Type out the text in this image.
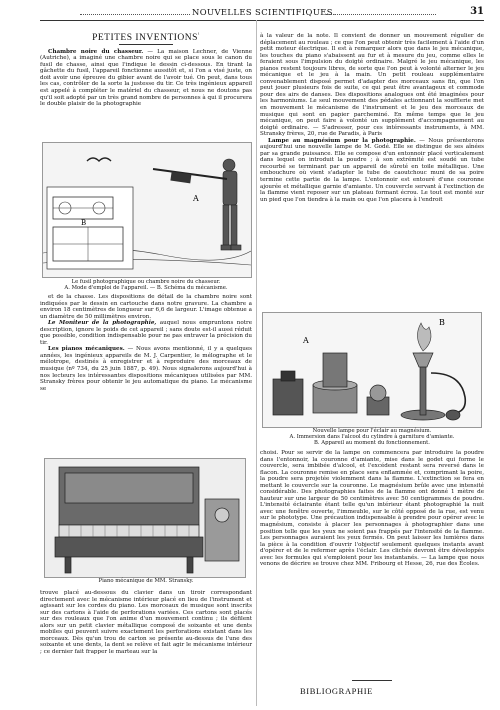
NOUVELLES SCIENTIFIQUES.	31
PETITES $INVENTIONS^{^1}$

Chambre noire du chasseur. — La maison Lechner, de Vienne (Autriche), a imaginé une chambre noire qui se place sous le canon du fusil de chasse, ainsi que l'indique le dessin ci-dessous. En tirant la gâchette du fusil, l'appareil fonctionne aussitôt et, si l'on a visé juste, on doit avoir une épreuve du gibier avant de l'avoir tué. On peut, dans tous les cas, contrôler de la sorte la justesse du tir. Ce très ingénieux appareil est appelé à compléter le matériel du chasseur, et nous ne doutons pas qu'il soit adopté par un très grand nombre de personnes à qui il procurera le double plaisir de la photographie

A
B
Le fusil photographique ou chambre noire du chasseur.
A. Mode d'emploi de l'appareil. — B. Schéma du mécanisme.

et de la chasse. Les dispositions de détail de la chambre noire sont indiquées par le dessin en cartouche dans notre gravure. La chambre a environ 18 centimètres de longueur sur 6,6 de largeur. L'image obtenue a un diamètre de 50 millimètres environ.

Le Moniteur de la photographie, auquel nous empruntons notre description, ignore le poids de cet appareil ; sans doute est-il aussi réduit que possible, condition indispensable pour ne pas entraver la précision du tir.

Les pianos mécaniques. — Nous avons mentionné, il y a quelques années, les ingénieux appareils de M. J. Carpentier, le mélographe et le mélotrope, destinés à enregistrer et à reproduire des morceaux de musique (nº 734, du 25 juin 1887, p. 49). Nous signalerons aujourd'hui à nos lecteurs les intéressantes dispositions mécaniques utilisées par MM. Stransky frères pour obtenir le jeu automatique du piano. Le mécanisme se

Piano mécanique de MM. Stransky.

trouve placé au-dessous du clavier dans un tiroir correspondant directement avec le mécanisme intérieur placé en lieu de l'instrument et agissant sur les cordes du piano. Les morceaux de musique sont inscrits sur des cartons à l'aide de perforations variées. Ces cartons sont placés sur des rouleaux que l'on anime d'un mouvement continu ; ils défilent alors sur un petit clavier métallique composé de soixante et une dents mobiles qui peuvent suivre exactement les perforations existant dans les morceaux. Dès qu'un trou de carton se présente au-dessus de l'une des soixante et une dents, la dent se relève et fait agir le mécanisme intérieur ; ce dernier fait frapper le marteau sur la

à la valeur de la note. Il convient de donner un mouvement régulier de déplacement au rouleau ; ce que l'on peut obtenir très facilement à l'aide d'un petit moteur électrique. Il est à remarquer alors que dans le jeu mécanique, les touches du piano s'abaissent au fur et à mesure du jeu, comme elles le feraient sous l'impulsion du doigté ordinaire. Malgré le jeu mécanique, les pianos restent toujours libres, de sorte que l'on peut à volonté alterner le jeu mécanique et le jeu à la main. Un petit rouleau supplémentaire convenablement disposé permet d'adapter des morceaux sans fin, que l'on peut jouer plusieurs fois de suite, ce qui peut être avantageux et commode pour des airs de danses. Des dispositions analogues ont été imaginées pour les harmoniums. Le seul mouvement des pédales actionnant la soufflerie met en mouvement le mécanisme de l'instrument et le jeu des morceaux de musique qui sont en papier parcheminé. En même temps que le jeu mécanique, on peut faire à volonté un supplément d'accompagnement au doigté ordinaire. — S'adresser, pour ces intéressants instruments, à MM. Stransky frères, 20, rue de Paradis, à Paris

Lampe au magnésium pour la photographie. — Nous présenterons aujourd'hui une nouvelle lampe de M. Godé. Elle se distingue de ses aînées par sa grande puissance. Elle se compose d'un entonnoir placé verticalement dans lequel on introduit la poudre ; à son extrémité est soudé un tube recourbé se terminant par un appareil de sûreté en toile métallique. Une embouchure où vient s'adapter le tube de caoutchouc muni de sa poire termine cette partie de la lampe. L'entonnoir est entouré d'une couronne ajourée et métallique garnie d'amiante. Un couvercle servant à l'extinction de la flamme vient reposer sur un plateau formant écrou. Le tout est monté sur un pied que l'on tiendra à la main ou que l'on placera à l'endroit

A
B
Nouvelle lampe pour l'éclair au magnésium.
A. Immersion dans l'alcool du cylindre à garniture d'amiante.
B. Appareil au moment du fonctionnement.

choisi. Pour se servir de la lampe on commencera par introduire la poudre dans l'entonnoir, la couronne d'amiante, mise dans le godet qui forme le couvercle, sera imbibée d'alcool, et l'excédent restant sera reversé dans le flacon. La couronne remise en place sera enflammée et, comprimant la poire, la poudre sera projetée violemment dans la flamme. L'extinction se fera en mettant le couvercle sur la couronne. Le magnésium brûle avec une intensité considérable. Des photographies faites de la flamme ont donné 1 mètre de hauteur sur une largeur de 50 centimètres avec 50 centigrammes de poudre. L'intensité éclairante étant telle qu'un intérieur étant photographié la nuit avec une fenêtre ouverte, l'immeuble, sur le côté opposé de la rue, est venu sur le phototype. Une précaution indispensable à prendre pour opérer avec le magnésium, consiste à placer les personnages à photographier dans une position telle que les yeux ne soient pas frappés par l'intensité de la flamme. Les personnages auraient les yeux fermés. On peut laisser les lumières dans la pièce à la condition d'ouvrir l'objectif seulement quelques instants avant d'opérer et de le refermer après l'éclair. Les clichés devront être développés avec les formules qui s'emploient pour les instantanés. — La lampe que nous venons de décrire se trouve chez MM. Fribourg et Hesse, 26, rue des Écoles.

BIBLIOGRAPHIE
